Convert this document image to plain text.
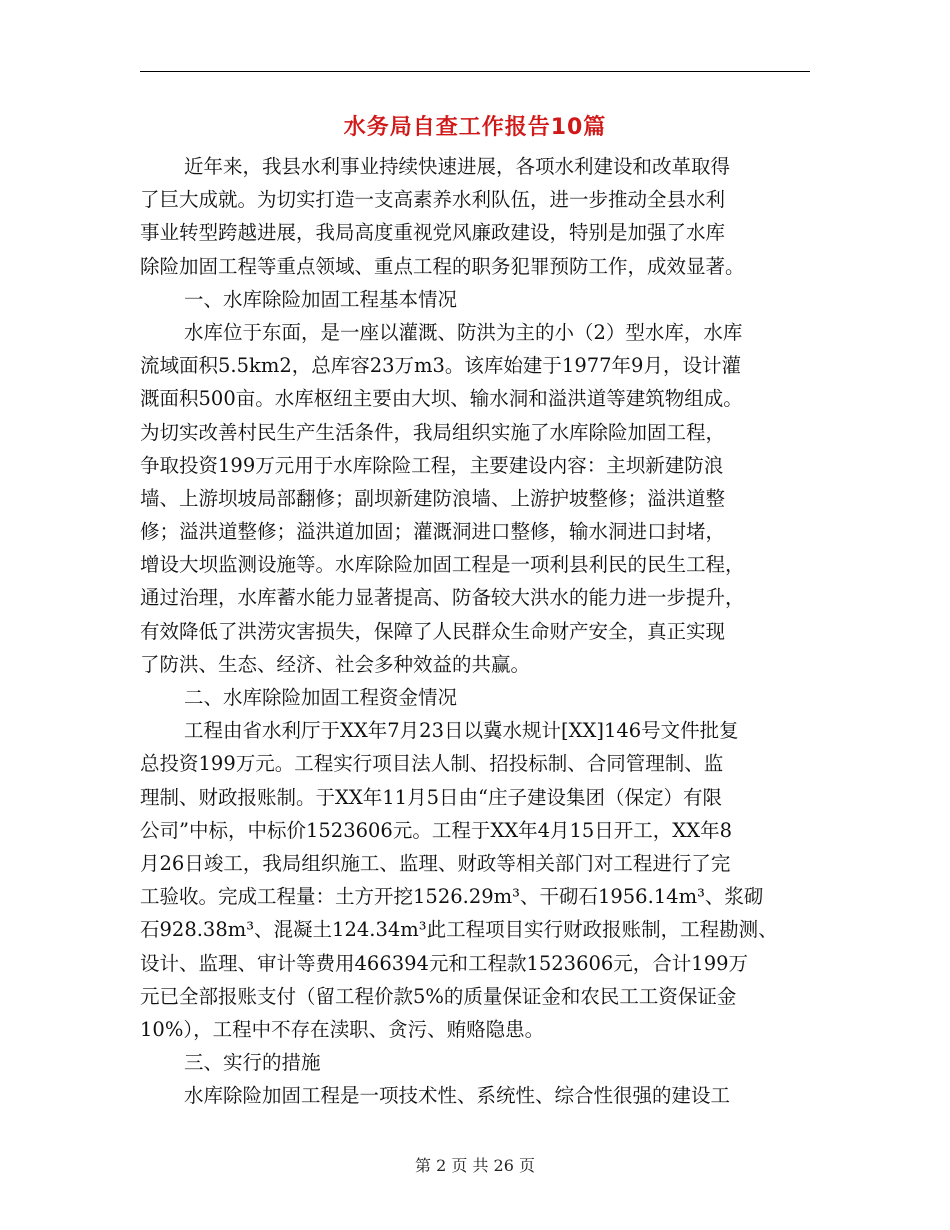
水务局自查工作报告10篇
近年来，我县水利事业持续快速进展，各项水利建设和改革取得
了巨大成就。为切实打造一支高素养水利队伍，进一步推动全县水利
事业转型跨越进展，我局高度重视党风廉政建设，特别是加强了水库
除险加固工程等重点领域、重点工程的职务犯罪预防工作，成效显著。
一、水库除险加固工程基本情况
水库位于东面，是一座以灌溉、防洪为主的小（2）型水库，水库
流域面积5.5km2，总库容23万m3。该库始建于1977年9月，设计灌
溉面积500亩。水库枢纽主要由大坝、输水洞和溢洪道等建筑物组成。
为切实改善村民生产生活条件，我局组织实施了水库除险加固工程，
争取投资199万元用于水库除险工程，主要建设内容：主坝新建防浪
墙、上游坝坡局部翻修；副坝新建防浪墙、上游护坡整修；溢洪道整
修；溢洪道整修；溢洪道加固；灌溉洞进口整修，输水洞进口封堵，
增设大坝监测设施等。水库除险加固工程是一项利县利民的民生工程，
通过治理，水库蓄水能力显著提高、防备较大洪水的能力进一步提升，
有效降低了洪涝灾害损失，保障了人民群众生命财产安全，真正实现
了防洪、生态、经济、社会多种效益的共赢。
二、水库除险加固工程资金情况
工程由省水利厅于XX年7月23日以冀水规计[XX]146号文件批复
总投资199万元。工程实行项目法人制、招投标制、合同管理制、监
理制、财政报账制。于XX年11月5日由“庄子建设集团（保定）有限
公司”中标，中标价1523606元。工程于XX年4月15日开工，XX年8
月26日竣工，我局组织施工、监理、财政等相关部门对工程进行了完
工验收。完成工程量：土方开挖1526.29m³、干砌石1956.14m³、浆砌
石928.38m³、混凝土124.34m³此工程项目实行财政报账制，工程勘测、
设计、监理、审计等费用466394元和工程款1523606元，合计199万
元已全部报账支付（留工程价款5%的质量保证金和农民工工资保证金
10%），工程中不存在渎职、贪污、贿赂隐患。
三、实行的措施
水库除险加固工程是一项技术性、系统性、综合性很强的建设工
第 2 页 共 26 页
